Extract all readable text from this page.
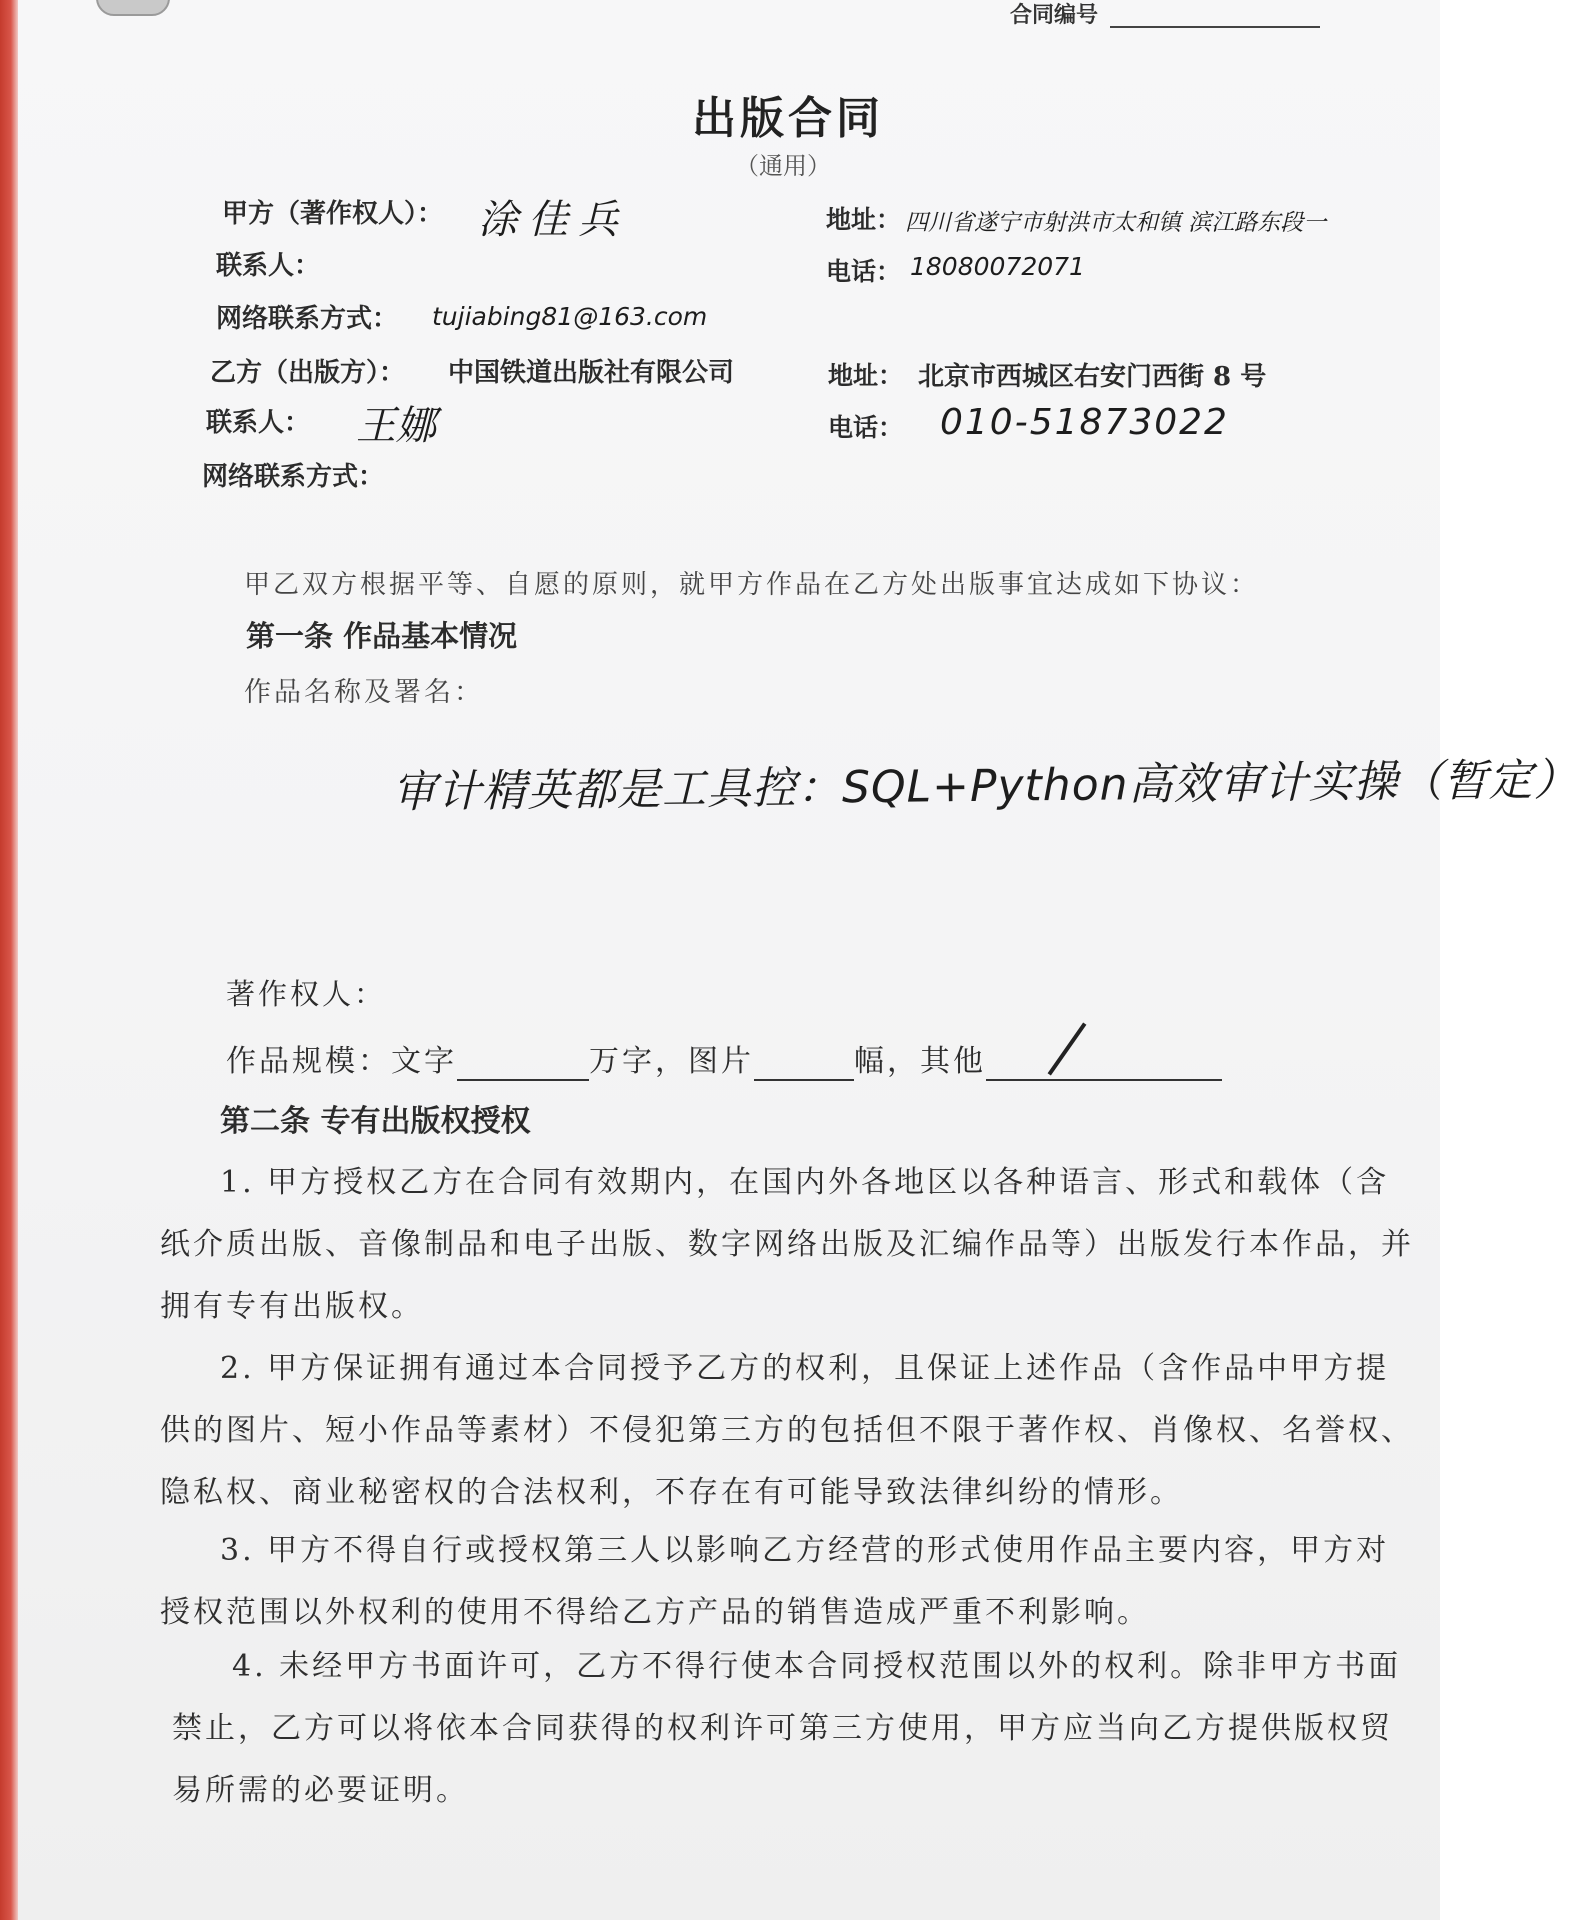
合同编号
出版合同
（通用）
甲方（著作权人）： 涂佳兵	地址： 四川省遂宁市射洪市太和镇 滨江路东段一
联系人：	电话： 18080072071
网络联系方式： tujiabing81@163.com
乙方（出版方）： 中国铁道出版社有限公司	地址： 北京市西城区右安门西街 8 号
联系人： 王娜	电话： 010-51873022
网络联系方式：
甲乙双方根据平等、自愿的原则，就甲方作品在乙方处出版事宜达成如下协议：
第一条 作品基本情况
作品名称及署名：
审计精英都是工具控：SQL+Python高效审计实操（暂定）
著作权人：
作品规模：文字	万字，图片	幅，其他
第二条 专有出版权授权
1. 甲方授权乙方在合同有效期内，在国内外各地区以各种语言、形式和载体（含纸介质出版、音像制品和电子出版、数字网络出版及汇编作品等）出版发行本作品，并拥有专有出版权。
2. 甲方保证拥有通过本合同授予乙方的权利，且保证上述作品（含作品中甲方提供的图片、短小作品等素材）不侵犯第三方的包括但不限于著作权、肖像权、名誉权、隐私权、商业秘密权的合法权利，不存在有可能导致法律纠纷的情形。
3. 甲方不得自行或授权第三人以影响乙方经营的形式使用作品主要内容，甲方对授权范围以外权利的使用不得给乙方产品的销售造成严重不利影响。
4. 未经甲方书面许可，乙方不得行使本合同授权范围以外的权利。除非甲方书面禁止，乙方可以将依本合同获得的权利许可第三方使用，甲方应当向乙方提供版权贸易所需的必要证明。
